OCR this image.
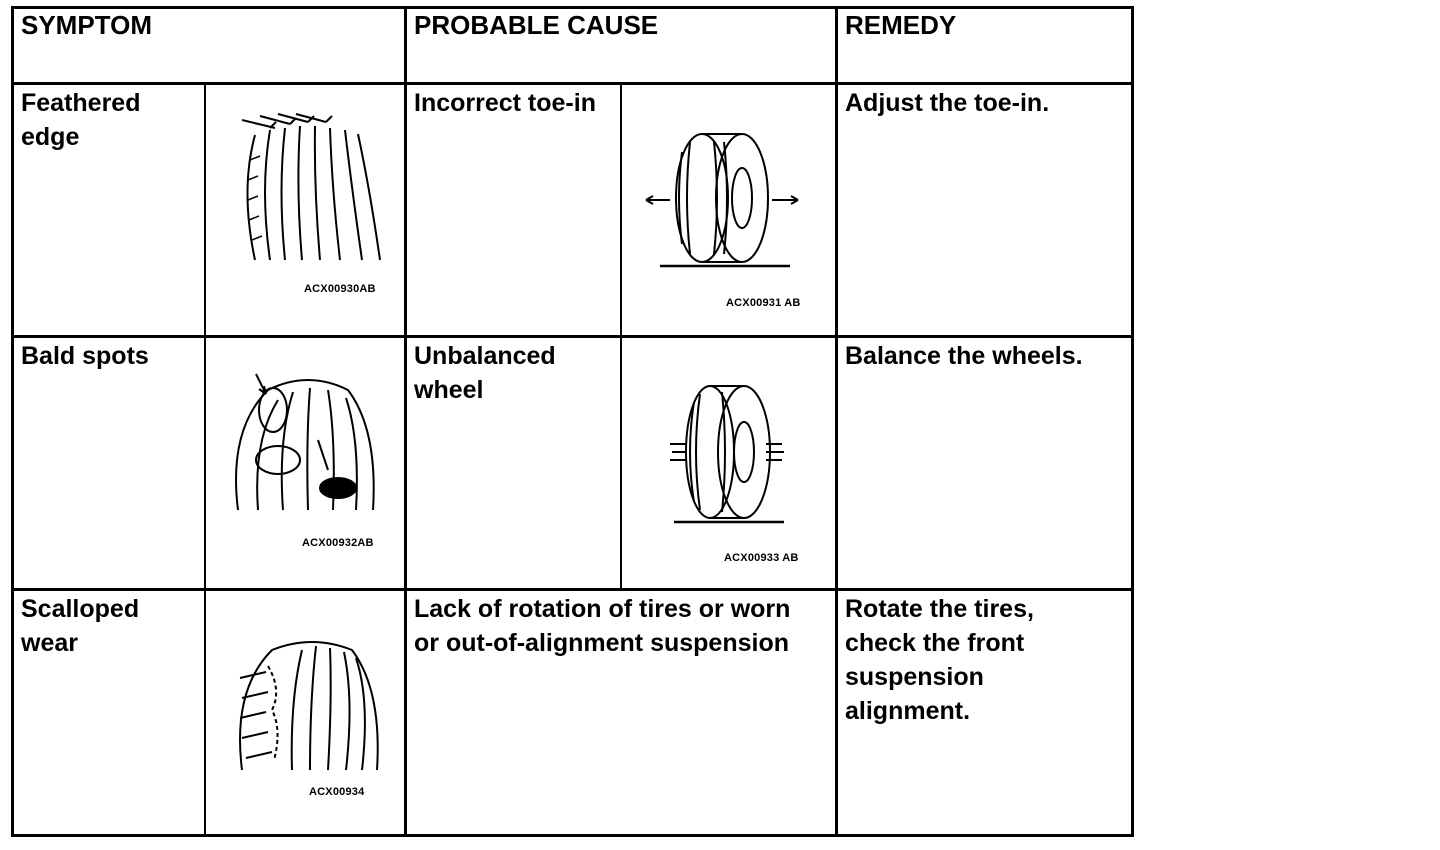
SYMPTOM	PROBABLE CAUSE	REMEDY
Feathered
edge
ACX00930AB
Incorrect toe-in
ACX00931 AB
Adjust the toe-in.
Bald spots
ACX00932AB
Unbalanced
wheel
ACX00933 AB
Balance the wheels.
Scalloped
wear
ACX00934
Lack of rotation of tires or worn
or out-of-alignment suspension
Rotate the tires,
check the front
suspension
alignment.
